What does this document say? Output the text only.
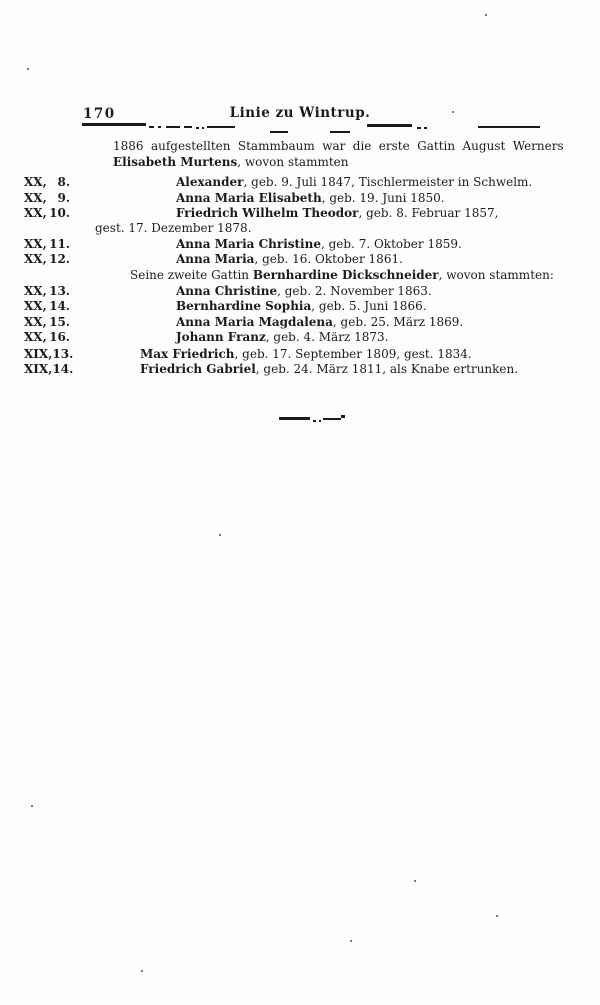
170	Linie zu Wintrup.
1886 aufgestellten Stammbaum war die erste Gattin August Werners
Elisabeth Murtens, wovon stammten
XX, 8.	Alexander, geb. 9. Juli 1847, Tischlermeister in Schwelm.
XX, 9.	Anna Maria Elisabeth, geb. 19. Juni 1850.
XX, 10.	Friedrich Wilhelm Theodor, geb. 8. Februar 1857,
gest. 17. Dezember 1878.
XX, 11.	Anna Maria Christine, geb. 7. Oktober 1859.
XX, 12.	Anna Maria, geb. 16. Oktober 1861.
Seine zweite Gattin Bernhardine Dickschneider, wovon stammten:
XX, 13.	Anna Christine, geb. 2. November 1863.
XX, 14.	Bernhardine Sophia, geb. 5. Juni 1866.
XX, 15.	Anna Maria Magdalena, geb. 25. März 1869.
XX, 16.	Johann Franz, geb. 4. März 1873.
XIX, 13.	Max Friedrich, geb. 17. September 1809, gest. 1834.
XIX, 14.	Friedrich Gabriel, geb. 24. März 1811, als Knabe ertrunken.
